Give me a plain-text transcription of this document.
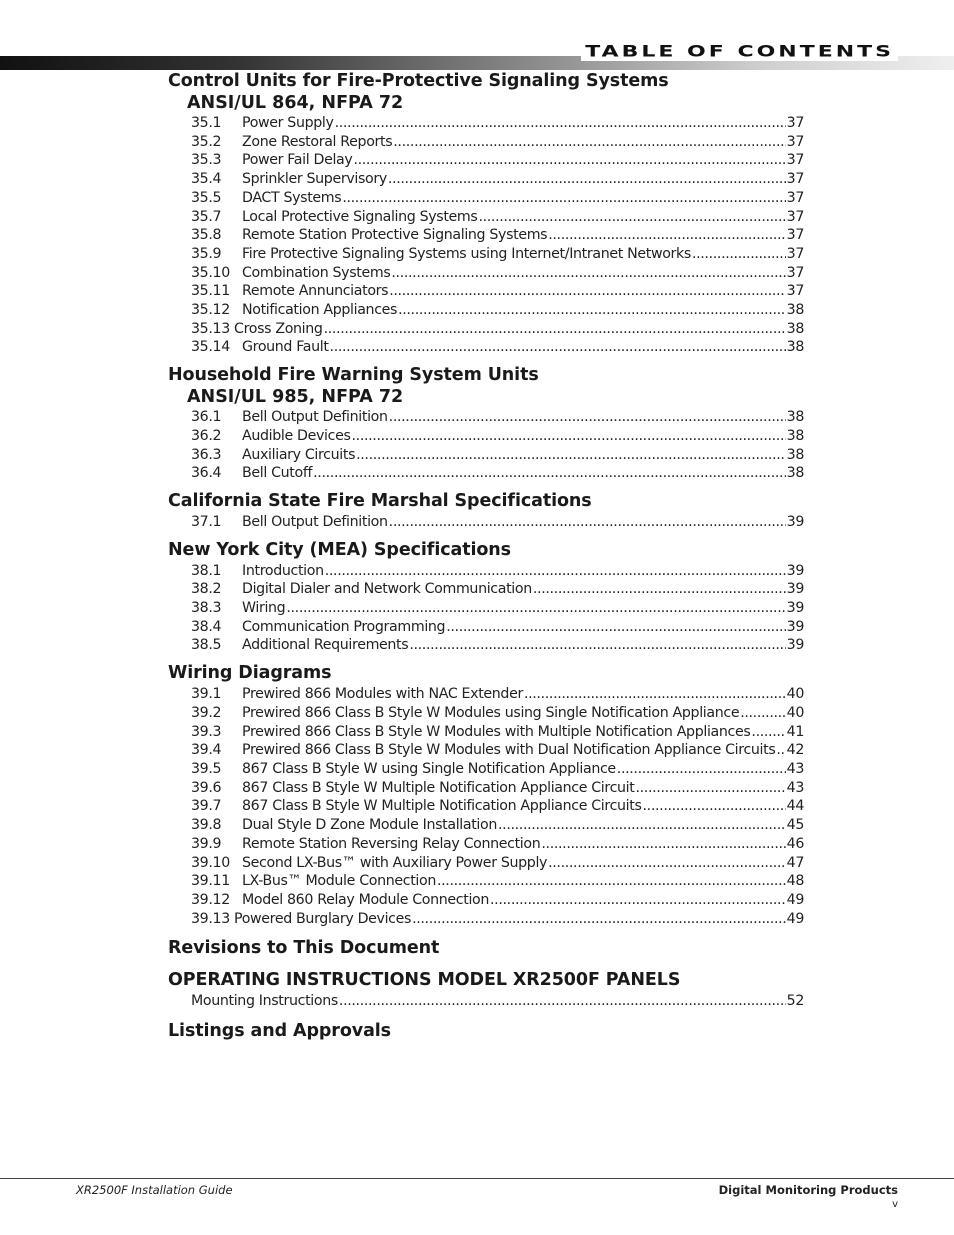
TABLE OF CONTENTS
Control Units for Fire-Protective Signaling Systems
ANSI/UL 864, NFPA 72
35.1	Power Supply .....	37
35.2	Zone Restoral Reports .....	37
35.3	Power Fail Delay .....	37
35.4	Sprinkler Supervisory .....	37
35.5	DACT Systems .....	37
35.7	Local Protective Signaling Systems .....	37
35.8	Remote Station Protective Signaling Systems .....	37
35.9	Fire Protective Signaling Systems using Internet/Intranet Networks .....	37
35.10 Combination Systems .....	37
35.11 Remote Annunciators .....	37
35.12 Notification Appliances .....	38
35.13 Cross Zoning .....	38
35.14 Ground Fault .....	38
Household Fire Warning System Units
ANSI/UL 985, NFPA 72
36.1	Bell Output Definition .....	38
36.2	Audible Devices .....	38
36.3	Auxiliary Circuits .....	38
36.4	Bell Cutoff .....	38
California State Fire Marshal Specifications
37.1	Bell Output Definition .....	39
New York City (MEA) Specifications
38.1	Introduction .....	39
38.2	Digital Dialer and Network Communication .....	39
38.3	Wiring .....	39
38.4	Communication Programming .....	39
38.5	Additional Requirements .....	39
Wiring Diagrams
39.1	Prewired 866 Modules with NAC Extender .....	40
39.2	Prewired 866 Class B Style W Modules using Single Notification Appliance .....	40
39.3	Prewired 866 Class B Style W Modules with Multiple Notification Appliances .....	41
39.4	Prewired 866 Class B Style W Modules with Dual Notification Appliance Circuits ..... 42
39.5	867 Class B Style W using Single Notification Appliance .....	43
39.6	867 Class B Style W Multiple Notification Appliance Circuit .....	43
39.7	867 Class B Style W Multiple Notification Appliance Circuits .....	44
39.8	Dual Style D Zone Module Installation .....	45
39.9	Remote Station Reversing Relay Connection .....	46
39.10 Second LX-Bus™ with Auxiliary Power Supply .....	47
39.11 LX-Bus™ Module Connection .....	48
39.12 Model 860 Relay Module Connection .....	49
39.13 Powered Burglary Devices .....	49
Revisions to This Document
OPERATING INSTRUCTIONS MODEL XR2500F PANELS
Mounting Instructions .....	52
Listings and Approvals
XR2500F Installation Guide	Digital Monitoring Products
v
